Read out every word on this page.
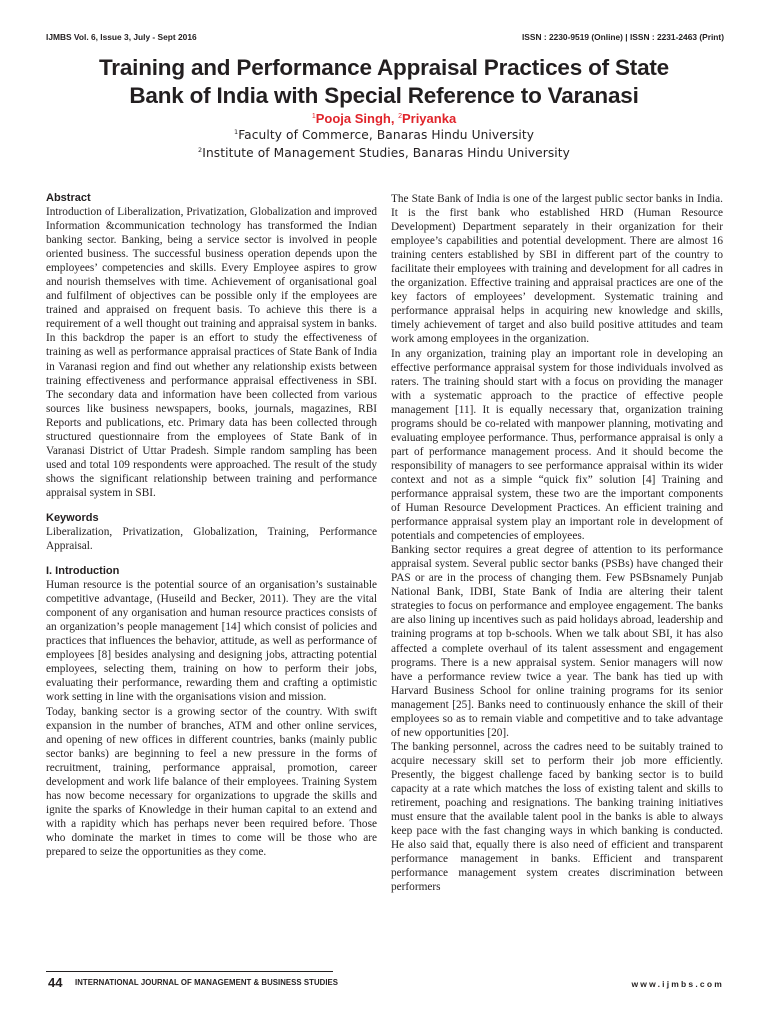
IJMBS Vol. 6, Issue 3, July - Sept 2016	ISSN : 2230-9519 (Online) | ISSN : 2231-2463 (Print)
Training and Performance Appraisal Practices of State
Bank of India with Special Reference to Varanasi
$^1$Pooja Singh, $^2$Priyanka
$^1$Faculty of Commerce, Banaras Hindu University
$^2$Institute of Management Studies, Banaras Hindu University
Abstract

Introduction of Liberalization, Privatization, Globalization and improved Information &communication technology has transformed the Indian banking sector. Banking, being a service sector is involved in people oriented business. The successful business operation depends upon the employees’ competencies and skills. Every Employee aspires to grow and nourish themselves with time. Achievement of organisational goal and fulfilment of objectives can be possible only if the employees are trained and appraised on frequent basis. To achieve this there is a requirement of a well thought out training and appraisal system in banks. In this backdrop the paper is an effort to study the effectiveness of training as well as performance appraisal practices of State Bank of India in Varanasi region and find out whether any relationship exists between training effectiveness and performance appraisal effectiveness in SBI. The secondary data and information have been collected from various sources like business newspapers, books, journals, magazines, RBI Reports and publications, etc. Primary data has been collected through structured questionnaire from the employees of State Bank of in Varanasi District of Uttar Pradesh. Simple random sampling has been used and total 109 respondents were approached. The result of the study shows the significant relationship between training and performance appraisal system in SBI.

Keywords

Liberalization, Privatization, Globalization, Training, Performance Appraisal.

I. Introduction

Human resource is the potential source of an organisation’s sustainable competitive advantage, (Huseild and Becker, 2011). They are the vital component of any organisation and human resource practices consists of an organization’s people management [14] which consist of policies and practices that influences the behavior, attitude, as well as performance of employees [8] besides analysing and designing jobs, attracting potential employees, selecting them, training on how to perform their jobs, evaluating their performance, rewarding them and crafting a optimistic work setting in line with the organisations vision and mission.

Today, banking sector is a growing sector of the country. With swift expansion in the number of branches, ATM and other online services, and opening of new offices in different countries, banks (mainly public sector banks) are beginning to feel a new pressure in the forms of recruitment, training, performance appraisal, promotion, career development and work life balance of their employees. Training System has now become necessary for organizations to upgrade the skills and ignite the sparks of Knowledge in their human capital to an extend and with a rapidity which has perhaps never been required before. Those who dominate the market in times to come will be those who are prepared to seize the opportunities as they come.

The State Bank of India is one of the largest public sector banks in India. It is the first bank who established HRD (Human Resource Development) Department separately in their organization for their employee’s capabilities and potential development. There are almost 16 training centers established by SBI in different part of the country to facilitate their employees with training and development for all cadres in the organization. Effective training and appraisal practices are one of the key factors of employees’ development. Systematic training and performance appraisal helps in acquiring new knowledge and skills, timely achievement of target and also build positive attitudes and team work among employees in the organization.

In any organization, training play an important role in developing an effective performance appraisal system for those individuals involved as raters. The training should start with a focus on providing the manager with a systematic approach to the practice of effective people management [11]. It is equally necessary that, organization training programs should be co-related with manpower planning, motivating and evaluating employee performance. Thus, performance appraisal is only a part of performance management process. And it should become the responsibility of managers to see performance appraisal within its wider context and not as a simple “quick fix” solution [4] Training and performance appraisal system, these two are the important components of Human Resource Development Practices. An efficient training and performance appraisal system play an important role in development of potentials and competencies of employees.

Banking sector requires a great degree of attention to its performance appraisal system. Several public sector banks (PSBs) have changed their PAS or are in the process of changing them. Few PSBsnamely Punjab National Bank, IDBI, State Bank of India are altering their talent strategies to focus on performance and employee engagement. The banks are also lining up incentives such as paid holidays abroad, leadership and training programs at top b-schools. When we talk about SBI, it has also affected a complete overhaul of its talent assessment and engagement programs. There is a new appraisal system. Senior managers will now have a performance review twice a year. The bank has tied up with Harvard Business School for online training programs for its senior management [25]. Banks need to continuously enhance the skill of their employees so as to remain viable and competitive and to take advantage of new opportunities [20].

The banking personnel, across the cadres need to be suitably trained to acquire necessary skill set to perform their job more efficiently. Presently, the biggest challenge faced by banking sector is to build capacity at a rate which matches the loss of existing talent and skills to retirement, poaching and resignations. The banking training initiatives must ensure that the available talent pool in the banks is able to always keep pace with the fast changing ways in which banking is conducted. He also said that, equally there is also need of efficient and transparent performance management in banks. Efficient and transparent performance management system creates discrimination between performers

44 INTERNATIONAL JOURNAL OF MANAGEMENT & BUSINESS STUDIES	www.ijmbs.com
